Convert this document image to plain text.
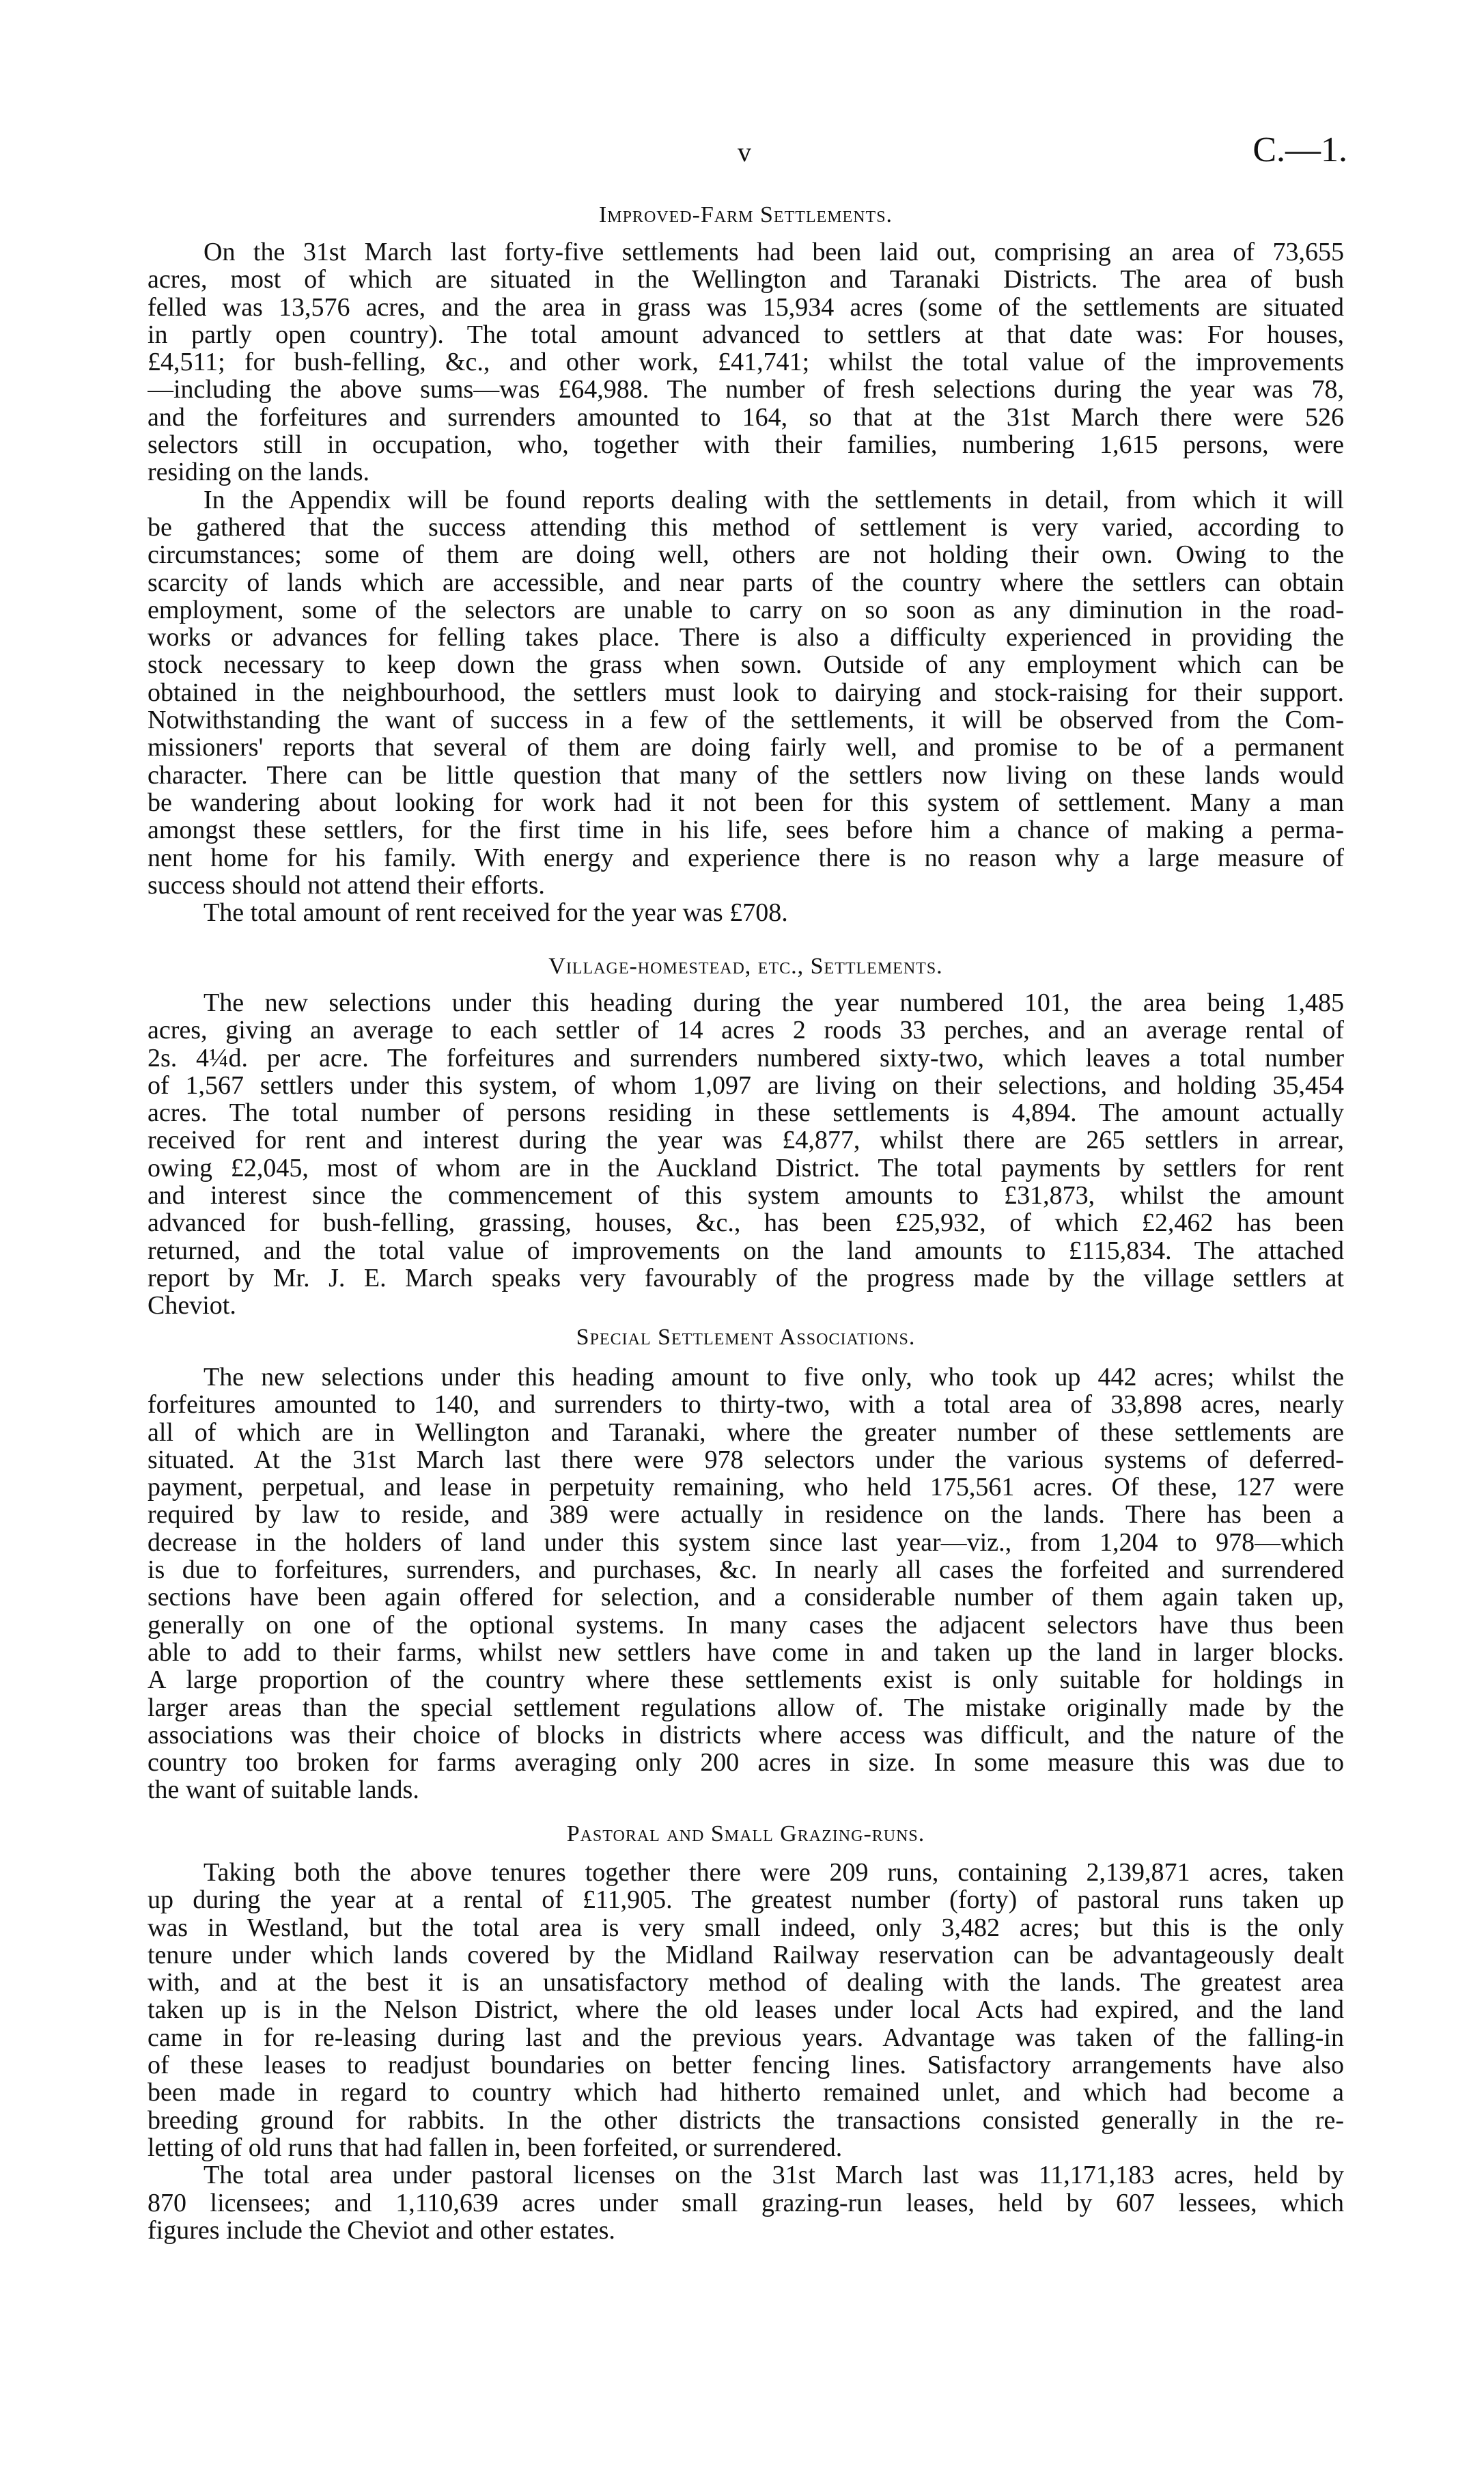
v	C.—1.
Improved-Farm Settlements.
On the 31st March last forty-five settlements had been laid out, comprising an area of 73,655
acres, most of which are situated in the Wellington and Taranaki Districts. The area of bush
felled was 13,576 acres, and the area in grass was 15,934 acres (some of the settlements are situated
in partly open country). The total amount advanced to settlers at that date was: For houses,
£4,511; for bush-felling, &c., and other work, £41,741; whilst the total value of the improvements
—including the above sums—was £64,988. The number of fresh selections during the year was 78,
and the forfeitures and surrenders amounted to 164, so that at the 31st March there were 526
selectors still in occupation, who, together with their families, numbering 1,615 persons, were
residing on the lands.
In the Appendix will be found reports dealing with the settlements in detail, from which it will
be gathered that the success attending this method of settlement is very varied, according to
circumstances; some of them are doing well, others are not holding their own. Owing to the
scarcity of lands which are accessible, and near parts of the country where the settlers can obtain
employment, some of the selectors are unable to carry on so soon as any diminution in the road-
works or advances for felling takes place. There is also a difficulty experienced in providing the
stock necessary to keep down the grass when sown. Outside of any employment which can be
obtained in the neighbourhood, the settlers must look to dairying and stock-raising for their support.
Notwithstanding the want of success in a few of the settlements, it will be observed from the Com-
missioners' reports that several of them are doing fairly well, and promise to be of a permanent
character. There can be little question that many of the settlers now living on these lands would
be wandering about looking for work had it not been for this system of settlement. Many a man
amongst these settlers, for the first time in his life, sees before him a chance of making a perma-
nent home for his family. With energy and experience there is no reason why a large measure of
success should not attend their efforts.
The total amount of rent received for the year was £708.
Village-homestead, etc., Settlements.
The new selections under this heading during the year numbered 101, the area being 1,485
acres, giving an average to each settler of 14 acres 2 roods 33 perches, and an average rental of
2s. 4¼d. per acre. The forfeitures and surrenders numbered sixty-two, which leaves a total number
of 1,567 settlers under this system, of whom 1,097 are living on their selections, and holding 35,454
acres. The total number of persons residing in these settlements is 4,894. The amount actually
received for rent and interest during the year was £4,877, whilst there are 265 settlers in arrear,
owing £2,045, most of whom are in the Auckland District. The total payments by settlers for rent
and interest since the commencement of this system amounts to £31,873, whilst the amount
advanced for bush-felling, grassing, houses, &c., has been £25,932, of which £2,462 has been
returned, and the total value of improvements on the land amounts to £115,834. The attached
report by Mr. J. E. March speaks very favourably of the progress made by the village settlers at
Cheviot.
Special Settlement Associations.
The new selections under this heading amount to five only, who took up 442 acres; whilst the
forfeitures amounted to 140, and surrenders to thirty-two, with a total area of 33,898 acres, nearly
all of which are in Wellington and Taranaki, where the greater number of these settlements are
situated. At the 31st March last there were 978 selectors under the various systems of deferred-
payment, perpetual, and lease in perpetuity remaining, who held 175,561 acres. Of these, 127 were
required by law to reside, and 389 were actually in residence on the lands. There has been a
decrease in the holders of land under this system since last year—viz., from 1,204 to 978—which
is due to forfeitures, surrenders, and purchases, &c. In nearly all cases the forfeited and surrendered
sections have been again offered for selection, and a considerable number of them again taken up,
generally on one of the optional systems. In many cases the adjacent selectors have thus been
able to add to their farms, whilst new settlers have come in and taken up the land in larger blocks.
A large proportion of the country where these settlements exist is only suitable for holdings in
larger areas than the special settlement regulations allow of. The mistake originally made by the
associations was their choice of blocks in districts where access was difficult, and the nature of the
country too broken for farms averaging only 200 acres in size. In some measure this was due to
the want of suitable lands.
Pastoral and Small Grazing-runs.
Taking both the above tenures together there were 209 runs, containing 2,139,871 acres, taken
up during the year at a rental of £11,905. The greatest number (forty) of pastoral runs taken up
was in Westland, but the total area is very small indeed, only 3,482 acres; but this is the only
tenure under which lands covered by the Midland Railway reservation can be advantageously dealt
with, and at the best it is an unsatisfactory method of dealing with the lands. The greatest area
taken up is in the Nelson District, where the old leases under local Acts had expired, and the land
came in for re-leasing during last and the previous years. Advantage was taken of the falling-in
of these leases to readjust boundaries on better fencing lines. Satisfactory arrangements have also
been made in regard to country which had hitherto remained unlet, and which had become a
breeding ground for rabbits. In the other districts the transactions consisted generally in the re-
letting of old runs that had fallen in, been forfeited, or surrendered.
The total area under pastoral licenses on the 31st March last was 11,171,183 acres, held by
870 licensees; and 1,110,639 acres under small grazing-run leases, held by 607 lessees, which
figures include the Cheviot and other estates.
